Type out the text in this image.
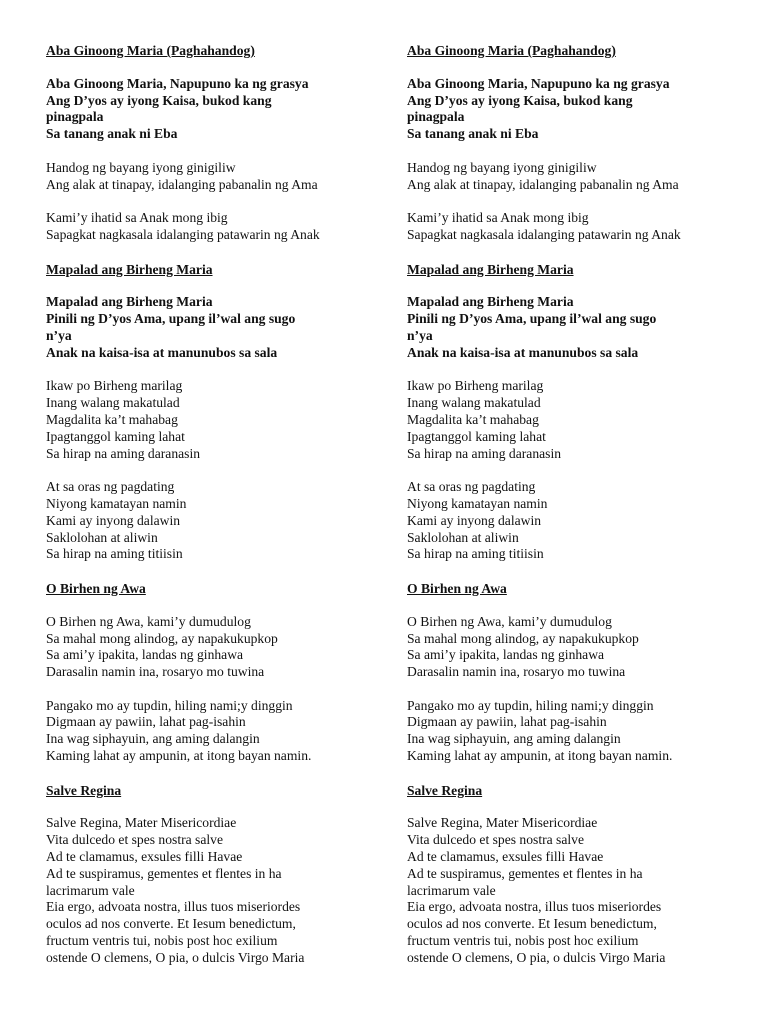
Aba Ginoong Maria (Paghahandog)
Aba Ginoong Maria, Napupuno ka ng grasya
Ang D’yos ay iyong Kaisa, bukod kang
pinagpala
Sa tanang anak ni Eba
Handog ng bayang iyong ginigiliw
Ang alak at tinapay, idalanging pabanalin ng Ama
Kami’y ihatid sa Anak mong ibig
Sapagkat nagkasala idalanging patawarin ng Anak
Mapalad ang Birheng Maria
Mapalad ang Birheng Maria
Pinili ng D’yos Ama, upang il’wal ang sugo
n’ya
Anak na kaisa-isa at manunubos sa sala
Ikaw po Birheng marilag
Inang walang makatulad
Magdalita ka’t mahabag
Ipagtanggol kaming lahat
Sa hirap na aming daranasin
At sa oras ng pagdating
Niyong kamatayan namin
Kami ay inyong dalawin
Saklolohan at aliwin
Sa hirap na aming titiisin
O Birhen ng Awa
O Birhen ng Awa, kami’y dumudulog
Sa mahal mong alindog, ay napakukupkop
Sa ami’y ipakita, landas ng ginhawa
Darasalin namin ina, rosaryo mo tuwina
Pangako mo ay tupdin, hiling nami;y dinggin
Digmaan ay pawiin, lahat pag-isahin
Ina wag siphayuin, ang aming dalangin
Kaming lahat ay ampunin, at itong bayan namin.
Salve Regina
Salve Regina, Mater Misericordiae
Vita dulcedo et spes nostra salve
Ad te clamamus, exsules filli Havae
Ad te suspiramus, gementes et flentes in ha
lacrimarum vale
Eia ergo, advoata nostra, illus tuos miseriordes
oculos ad nos converte. Et Iesum benedictum,
fructum ventris tui, nobis post hoc exilium
ostende O clemens, O pia, o dulcis Virgo Maria
Aba Ginoong Maria (Paghahandog)
Aba Ginoong Maria, Napupuno ka ng grasya
Ang D’yos ay iyong Kaisa, bukod kang
pinagpala
Sa tanang anak ni Eba
Handog ng bayang iyong ginigiliw
Ang alak at tinapay, idalanging pabanalin ng Ama
Kami’y ihatid sa Anak mong ibig
Sapagkat nagkasala idalanging patawarin ng Anak
Mapalad ang Birheng Maria
Mapalad ang Birheng Maria
Pinili ng D’yos Ama, upang il’wal ang sugo
n’ya
Anak na kaisa-isa at manunubos sa sala
Ikaw po Birheng marilag
Inang walang makatulad
Magdalita ka’t mahabag
Ipagtanggol kaming lahat
Sa hirap na aming daranasin
At sa oras ng pagdating
Niyong kamatayan namin
Kami ay inyong dalawin
Saklolohan at aliwin
Sa hirap na aming titiisin
O Birhen ng Awa
O Birhen ng Awa, kami’y dumudulog
Sa mahal mong alindog, ay napakukupkop
Sa ami’y ipakita, landas ng ginhawa
Darasalin namin ina, rosaryo mo tuwina
Pangako mo ay tupdin, hiling nami;y dinggin
Digmaan ay pawiin, lahat pag-isahin
Ina wag siphayuin, ang aming dalangin
Kaming lahat ay ampunin, at itong bayan namin.
Salve Regina
Salve Regina, Mater Misericordiae
Vita dulcedo et spes nostra salve
Ad te clamamus, exsules filli Havae
Ad te suspiramus, gementes et flentes in ha
lacrimarum vale
Eia ergo, advoata nostra, illus tuos miseriordes
oculos ad nos converte. Et Iesum benedictum,
fructum ventris tui, nobis post hoc exilium
ostende O clemens, O pia, o dulcis Virgo Maria
